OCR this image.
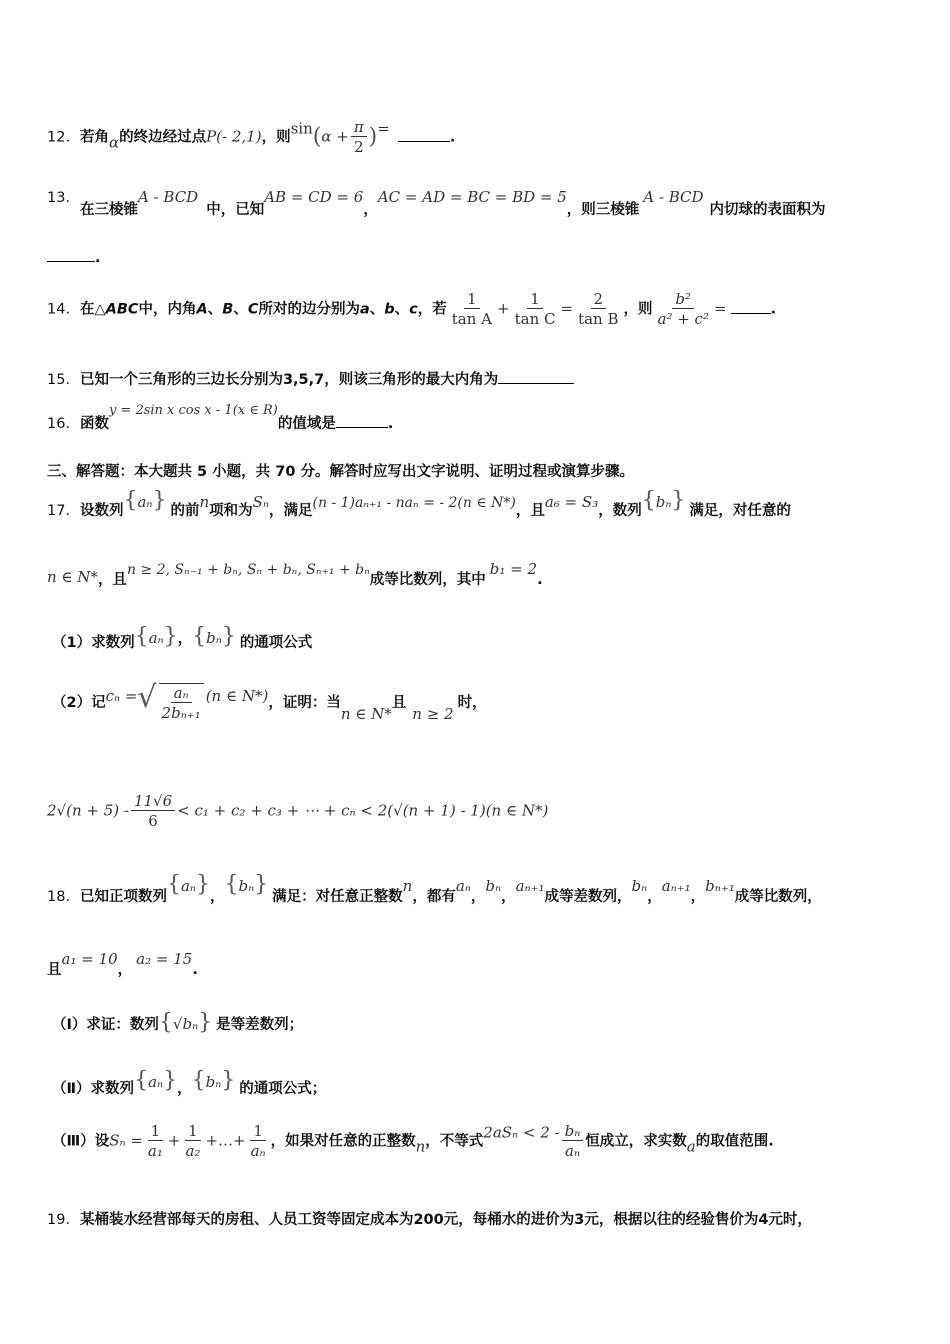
12．若角α的终边经过点P(- 2,1)，则$\sin(\alpha + \frac{\pi}{2}$ )=	.
13．在三棱锥A - BCD中，已知AB = CD = 6，AC = AD = BC = BD = 5，则三棱锥A - BCD内切球的表面积为
.
14．在△ABC中，内角A、B、C所对的边分别为a、b、c，若 $\frac{1}{\text{tan A}} + \frac{1}{\text{tan C}} = \frac{2}{\text{tan B}}$ ，则 $\frac{\text{b²}}{\text{a² + c²}}$ =	.
15．已知一个三角形的三边长分别为3,5,7，则该三角形的最大内角为
16．函数y = 2sin x cos x - 1(x ∈ R)的值域是	.
三、解答题：本大题共 5 小题，共 70 分。解答时应写出文字说明、证明过程或演算步骤。
17．设数列{aₙ} 的前n项和为Sₙ，满足(n - 1)aₙ₊₁ - naₙ = - 2(n ∈ N*)，且a₆ = S₃，数列{bₙ} 满足，对任意的
n ∈ N*，且n ≥ 2, Sₙ₋₁ + bₙ, Sₙ + bₙ, Sₙ₊₁ + bₙ成等比数列，其中b₁ = 2.
（1）求数列{aₙ}，{bₙ} 的通项公式
（2）记cₙ =√ $\frac{\text{aₙ}}{\text{2bₙ₊₁}} (n$ ∈ N*)，证明：当n ∈ N*且n ≥ 2时，
$2√(n + 5) - \frac{11√6}{6} < c_1 + c_2 + c_3$ + ⋯ + cₙ < 2(√(n + 1) - 1)(n ∈ N*)
18．已知正项数列{aₙ}，{bₙ} 满足：对任意正整数n，都有aₙ，bₙ，aₙ₊₁成等差数列，bₙ，aₙ₊₁，bₙ₊₁成等比数列，
且a₁ = 10，a₂ = 15.
（Ⅰ）求证：数列{√bₙ} 是等差数列；
（Ⅱ）求数列{aₙ}，{bₙ} 的通项公式；
（Ⅲ）设$S_n = \frac{1}{\text{a₁}} + \frac{1}{\text{a₂}}$ +…+ $\frac{1}{\text{aₙ}}$ ，如果对任意的正整数n，不等式$2aS_n < 2 - \frac{\text{bₙ}}{\text{aₙ}}$ 恒成立，求实数a的取值范围.
19．某桶装水经营部每天的房租、人员工资等固定成本为200元，每桶水的进价为3元，根据以往的经验售价为4元时，
